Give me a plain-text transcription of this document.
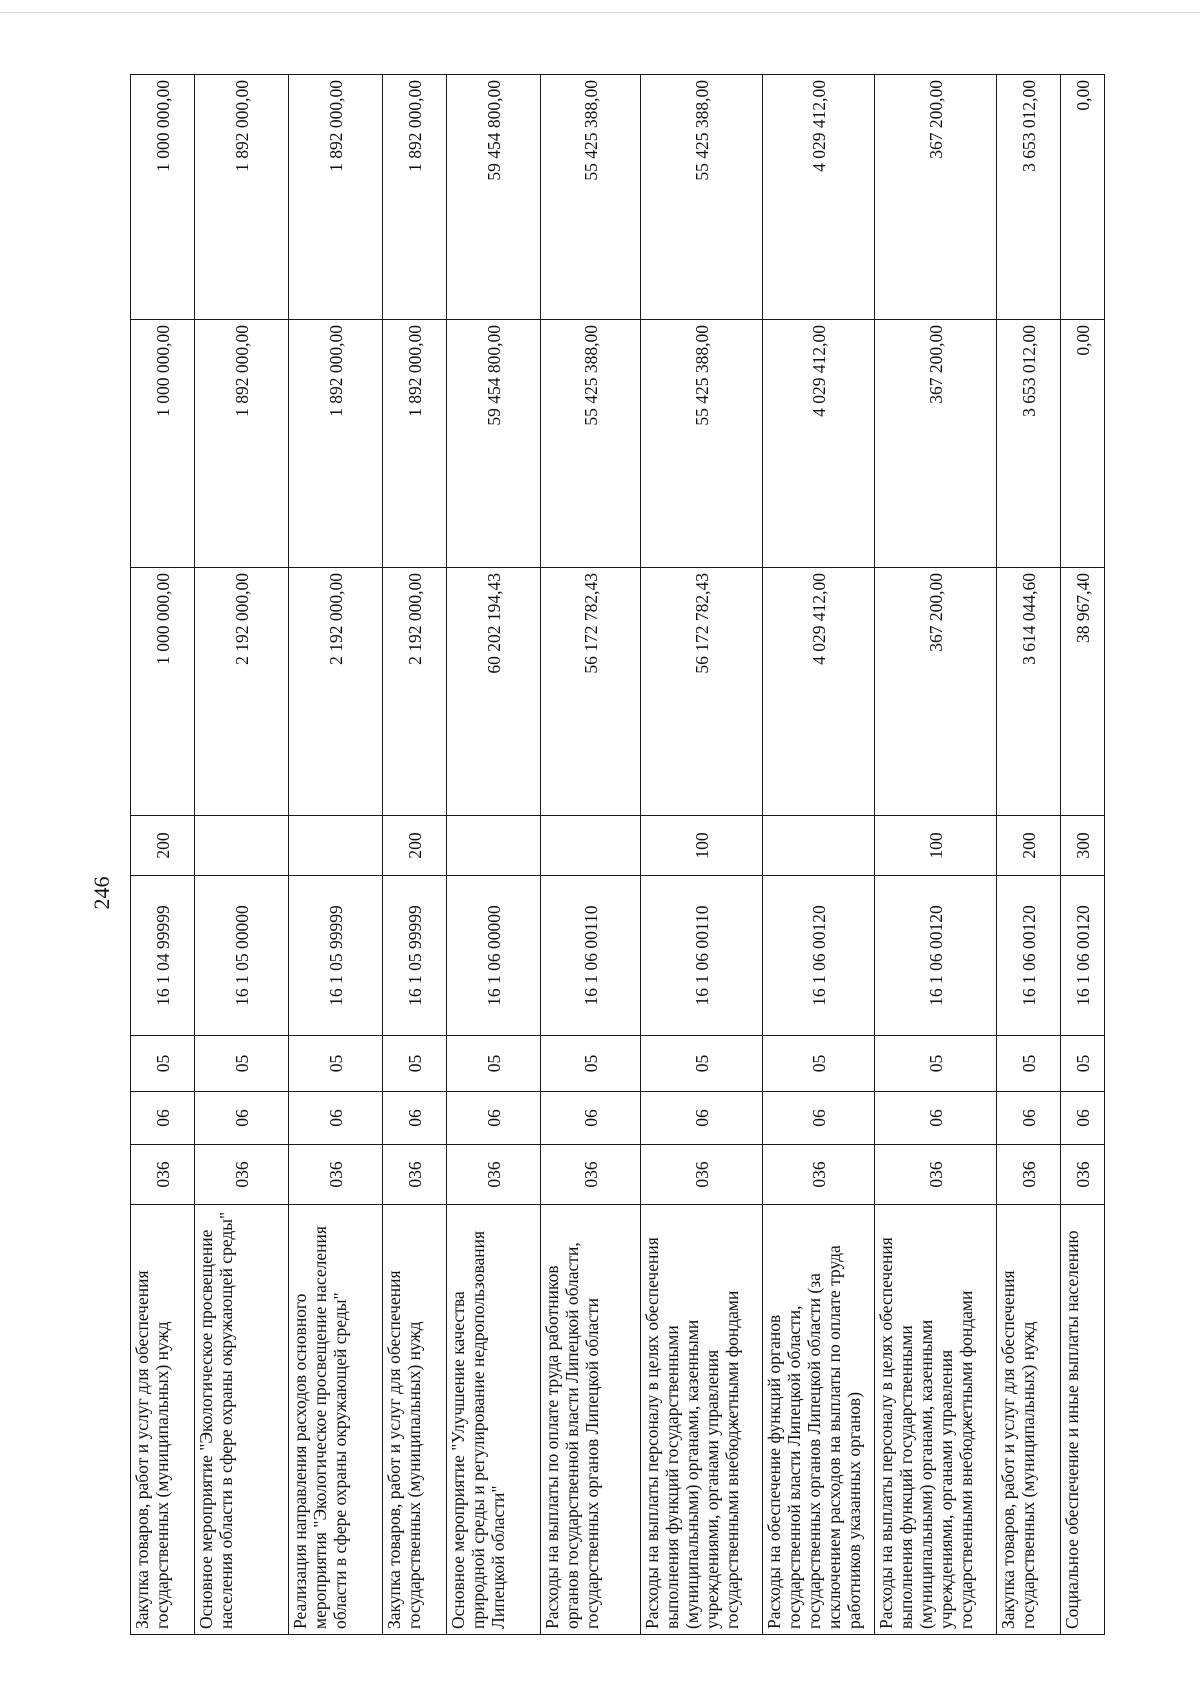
246
Закупка товаров, работ и услуг для обеспечения государственных (муниципальных) нужд	036	06	05	16 1 04 99999	200	1 000 000,00	1 000 000,00	1 000 000,00
Основное мероприятие "Экологическое просвещение населения области в сфере охраны окружающей среды"	036	06	05	16 1 05 00000		2 192 000,00	1 892 000,00	1 892 000,00
Реализация направления расходов основного мероприятия "Экологическое просвещение населения области в сфере охраны окружающей среды"	036	06	05	16 1 05 99999		2 192 000,00	1 892 000,00	1 892 000,00
Закупка товаров, работ и услуг для обеспечения государственных (муниципальных) нужд	036	06	05	16 1 05 99999	200	2 192 000,00	1 892 000,00	1 892 000,00
Основное мероприятие "Улучшение качества природной среды и регулирование недропользования Липецкой области"	036	06	05	16 1 06 00000		60 202 194,43	59 454 800,00	59 454 800,00
Расходы на выплаты по оплате труда работников органов государственной власти Липецкой области, государственных органов Липецкой области	036	06	05	16 1 06 00110		56 172 782,43	55 425 388,00	55 425 388,00
Расходы на выплаты персоналу в целях обеспечения выполнения функций государственными (муниципальными) органами, казенными учреждениями, органами управления государственными внебюджетными фондами	036	06	05	16 1 06 00110	100	56 172 782,43	55 425 388,00	55 425 388,00
Расходы на обеспечение функций органов государственной власти Липецкой области, государственных органов Липецкой области (за исключением расходов на выплаты по оплате труда работников указанных органов)	036	06	05	16 1 06 00120		4 029 412,00	4 029 412,00	4 029 412,00
Расходы на выплаты персоналу в целях обеспечения выполнения функций государственными (муниципальными) органами, казенными учреждениями, органами управления государственными внебюджетными фондами	036	06	05	16 1 06 00120	100	367 200,00	367 200,00	367 200,00
Закупка товаров, работ и услуг для обеспечения государственных (муниципальных) нужд	036	06	05	16 1 06 00120	200	3 614 044,60	3 653 012,00	3 653 012,00
Социальное обеспечение и иные выплаты населению	036	06	05	16 1 06 00120	300	38 967,40	0,00	0,00
